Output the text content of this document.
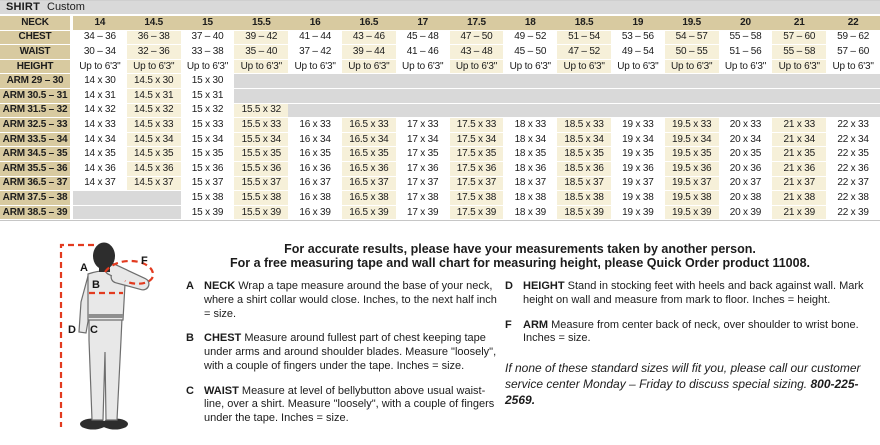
SHIRT Custom
NECK	14	14.5	15	15.5	16	16.5	17	17.5	18	18.5	19	19.5	20	21	22
CHEST	34 – 36	36 – 38	37 – 40	39 – 42	41 – 44	43 – 46	45 – 48	47 – 50	49 – 52	51 – 54	53 – 56	54 – 57	55 – 58	57 – 60	59 – 62
WAIST	30 – 34	32 – 36	33 – 38	35 – 40	37 – 42	39 – 44	41 – 46	43 – 48	45 – 50	47 – 52	49 – 54	50 – 55	51 – 56	55 – 58	57 – 60
HEIGHT	Up to 6'3"	Up to 6'3"	Up to 6'3"	Up to 6'3"	Up to 6'3"	Up to 6'3"	Up to 6'3"	Up to 6'3"	Up to 6'3"	Up to 6'3"	Up to 6'3"	Up to 6'3"	Up to 6'3"	Up to 6'3"	Up to 6'3"
ARM 29 – 30	14 x 30	14.5 x 30	15 x 30												
ARM 30.5 – 31	14 x 31	14.5 x 31	15 x 31												
ARM 31.5 – 32	14 x 32	14.5 x 32	15 x 32	15.5 x 32											
ARM 32.5 – 33	14 x 33	14.5 x 33	15 x 33	15.5 x 33	16 x 33	16.5 x 33	17 x 33	17.5 x 33	18 x 33	18.5 x 33	19 x 33	19.5 x 33	20 x 33	21 x 33	22 x 33
ARM 33.5 – 34	14 x 34	14.5 x 34	15 x 34	15.5 x 34	16 x 34	16.5 x 34	17 x 34	17.5 x 34	18 x 34	18.5 x 34	19 x 34	19.5 x 34	20 x 34	21 x 34	22 x 34
ARM 34.5 – 35	14 x 35	14.5 x 35	15 x 35	15.5 x 35	16 x 35	16.5 x 35	17 x 35	17.5 x 35	18 x 35	18.5 x 35	19 x 35	19.5 x 35	20 x 35	21 x 35	22 x 35
ARM 35.5 – 36	14 x 36	14.5 x 36	15 x 36	15.5 x 36	16 x 36	16.5 x 36	17 x 36	17.5 x 36	18 x 36	18.5 x 36	19 x 36	19.5 x 36	20 x 36	21 x 36	22 x 36
ARM 36.5 – 37	14 x 37	14.5 x 37	15 x 37	15.5 x 37	16 x 37	16.5 x 37	17 x 37	17.5 x 37	18 x 37	18.5 x 37	19 x 37	19.5 x 37	20 x 37	21 x 37	22 x 37
ARM 37.5 – 38			15 x 38	15.5 x 38	16 x 38	16.5 x 38	17 x 38	17.5 x 38	18 x 38	18.5 x 38	19 x 38	19.5 x 38	20 x 38	21 x 38	22 x 38
ARM 38.5 – 39			15 x 39	15.5 x 39	16 x 39	16.5 x 39	17 x 39	17.5 x 39	18 x 39	18.5 x 39	19 x 39	19.5 x 39	20 x 39	21 x 39	22 x 39
A
B
C
D
F
For accurate results, please have your measurements taken by another person.
For a free measuring tape and wall chart for measuring height, please Quick Order product 11008.
A NECK Wrap a tape measure around the base of your neck, where a shirt collar would close. Inches, to the next half inch = size.

B CHEST Measure around fullest part of chest keeping tape under arms and around shoulder blades. Measure "loosely", with a couple of fingers under the tape. Inches = size.

C WAIST Measure at level of bellybutton above usual waist-line, over a shirt. Measure "loosely", with a couple of fingers under the tape. Inches = size.

D HEIGHT Stand in stocking feet with heels and back against wall. Mark height on wall and measure from mark to floor. Inches = height.

F	ARM Measure from center back of neck, over shoulder to wrist bone. Inches = size.

If none of these standard sizes will fit you, please call our customer service center Monday – Friday to discuss special sizing. 800-225-2569.
